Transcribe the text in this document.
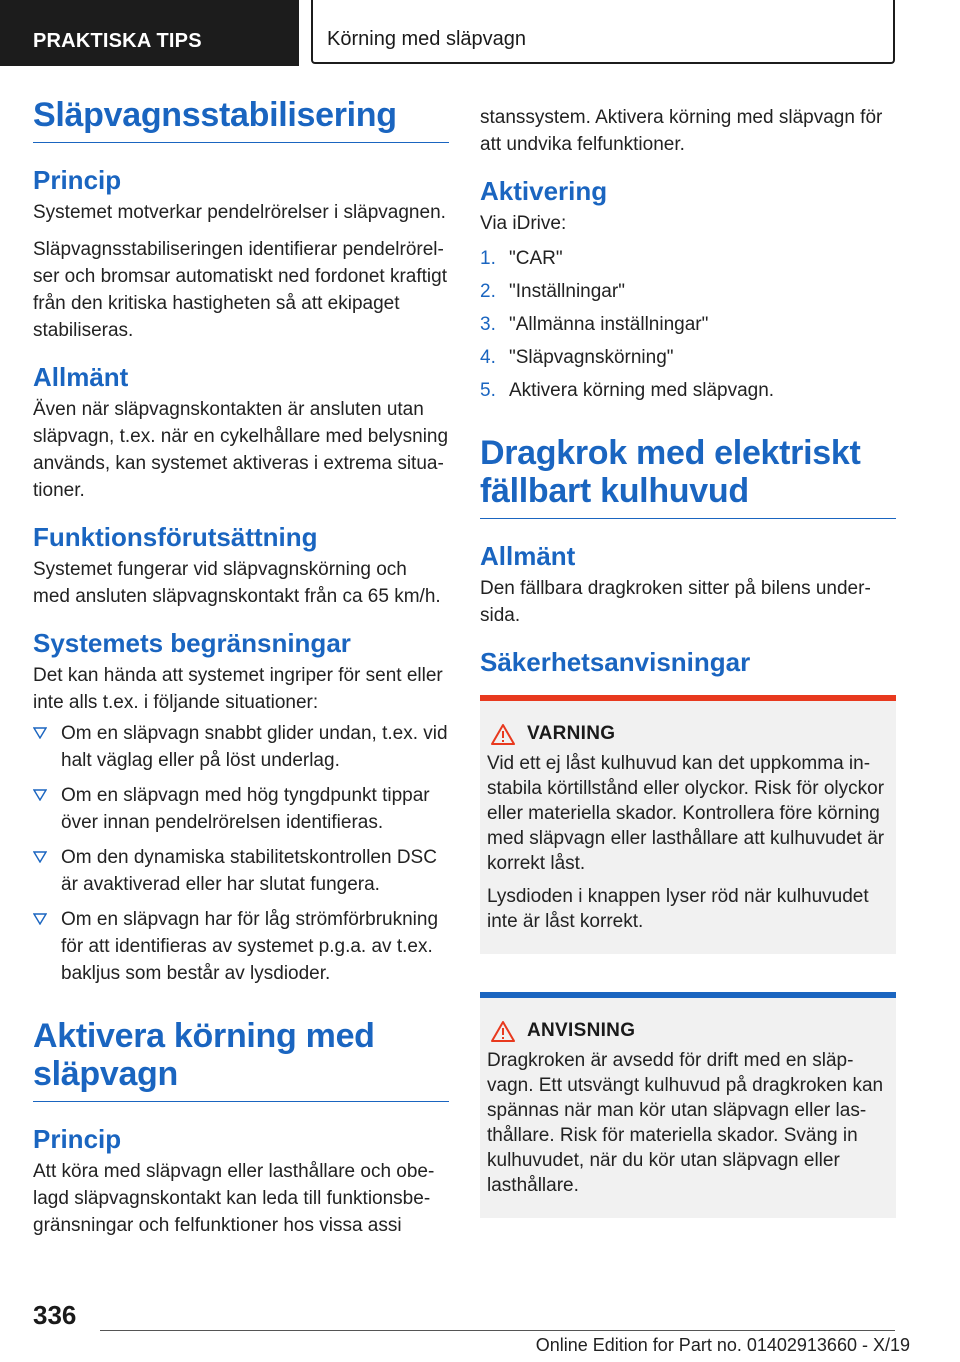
PRAKTISKA TIPS	Körning med släpvagn
Släpvagnsstabilisering
Princip

Systemet motverkar pendelrörelser i släpvagnen.

Släpvagnsstabiliseringen identifierar pendelrörelser och bromsar automatiskt ned fordonet kraftigt från den kritiska hastigheten så att ekipaget stabiliseras.

Allmänt

Även när släpvagnskontakten är ansluten utan släpvagn, t.ex. när en cykelhållare med belysning används, kan systemet aktiveras i extrema situationer.

Funktionsförutsättning

Systemet fungerar vid släpvagnskörning och med ansluten släpvagnskontakt från ca 65 km/h.

Systemets begränsningar

Det kan hända att systemet ingriper för sent eller inte alls t.ex. i följande situationer:

Om en släpvagn snabbt glider undan, t.ex. vid halt väglag eller på löst underlag.
Om en släpvagn med hög tyngdpunkt tippar över innan pendelrörelsen identifieras.
Om den dynamiska stabilitetskontrollen DSC är avaktiverad eller har slutat fungera.
Om en släpvagn har för låg strömförbrukning för att identifieras av systemet p.g.a. av t.ex. bakljus som består av lysdioder.
Aktivera körning med släpvagn
Princip

Att köra med släpvagn eller lasthållare och obelagd släpvagnskontakt kan leda till funktionsbegränsningar och felfunktioner hos vissa assi

stanssystem. Aktivera körning med släpvagn för att undvika felfunktioner.

Aktivering

Via iDrive:

1. "CAR"
2. "Inställningar"
3. "Allmänna inställningar"
4. "Släpvagnskörning"
5. Aktivera körning med släpvagn.
Dragkrok med elektriskt fällbart kulhuvud
Allmänt

Den fällbara dragkroken sitter på bilens undersida.

Säkerhetsanvisningar
VARNING

Vid ett ej låst kulhuvud kan det uppkomma instabila körtillstånd eller olyckor. Risk för olyckor eller materiella skador. Kontrollera före körning med släpvagn eller lasthållare att kulhuvudet är korrekt låst.

Lysdioden i knappen lyser röd när kulhuvudet inte är låst korrekt.

ANVISNING

Dragkroken är avsedd för drift med en släpvagn. Ett utsvängt kulhuvud på dragkroken kan spännas när man kör utan släpvagn eller lasthållare. Risk för materiella skador. Sväng in kulhuvudet, när du kör utan släpvagn eller lasthållare.

336
Online Edition for Part no. 01402913660 - X/19
